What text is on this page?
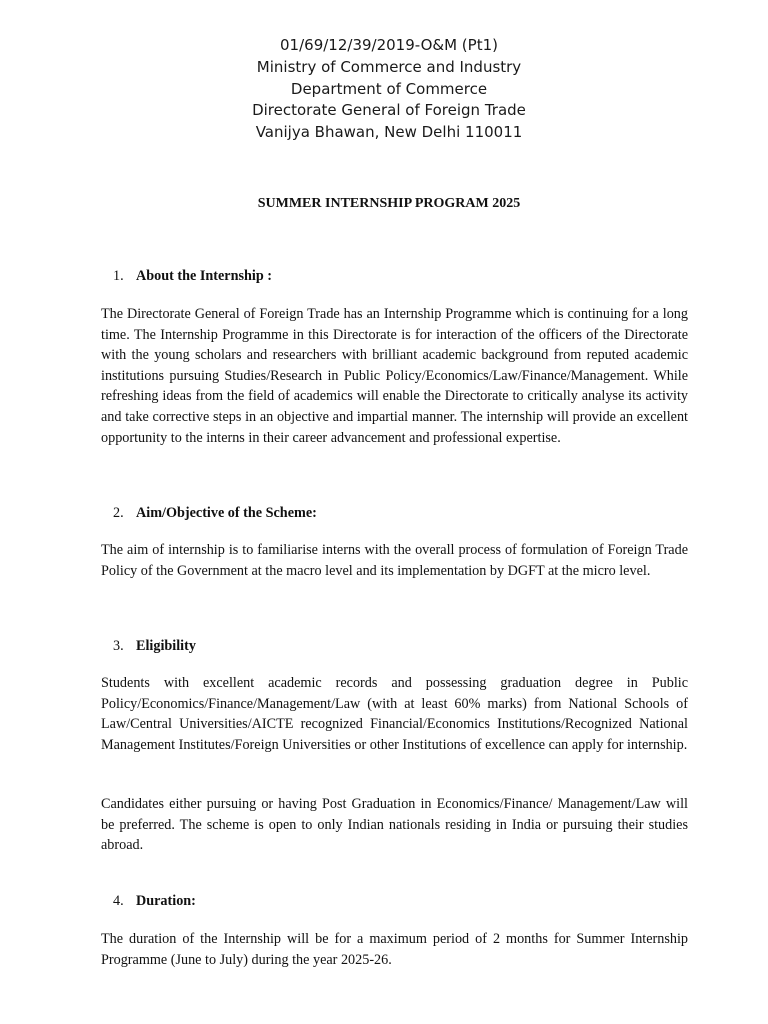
01/69/12/39/2019-O&M (Pt1)
Ministry of Commerce and Industry
Department of Commerce
Directorate General of Foreign Trade
Vanijya Bhawan, New Delhi 110011
SUMMER INTERNSHIP PROGRAM 2025
1. About the Internship :

The Directorate General of Foreign Trade has an Internship Programme which is continuing for a long time. The Internship Programme in this Directorate is for interaction of the officers of the Directorate with the young scholars and researchers with brilliant academic background from reputed academic institutions pursuing Studies/Research in Public Policy/Economics/Law/Finance/Management. While refreshing ideas from the field of academics will enable the Directorate to critically analyse its activity and take corrective steps in an objective and impartial manner. The internship will provide an excellent opportunity to the interns in their career advancement and professional expertise.

2. Aim/Objective of the Scheme:

The aim of internship is to familiarise interns with the overall process of formulation of Foreign Trade Policy of the Government at the macro level and its implementation by DGFT at the micro level.

3. Eligibility

Students with excellent academic records and possessing graduation degree in Public Policy/Economics/Finance/Management/Law (with at least 60% marks) from National Schools of Law/Central Universities/AICTE recognized Financial/Economics Institutions/Recognized National Management Institutes/Foreign Universities or other Institutions of excellence can apply for internship.

Candidates either pursuing or having Post Graduation in Economics/Finance/ Management/Law will be preferred. The scheme is open to only Indian nationals residing in India or pursuing their studies abroad.

4. Duration:

The duration of the Internship will be for a maximum period of 2 months for Summer Internship Programme (June to July) during the year 2025-26.
